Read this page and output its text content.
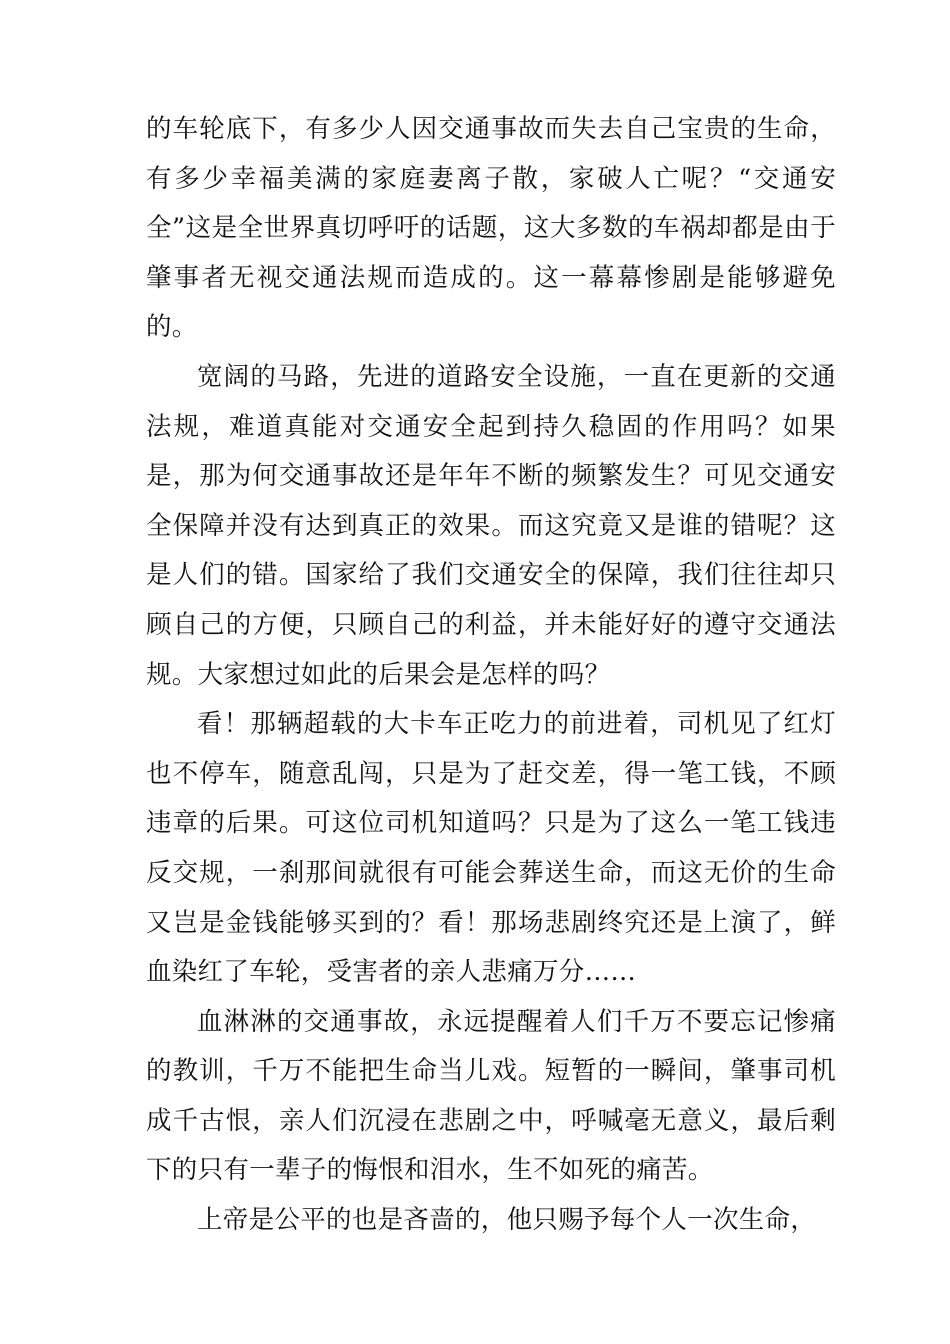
的车轮底下，有多少人因交通事故而失去自己宝贵的生命，有多少幸福美满的家庭妻离子散，家破人亡呢？“交通安全”这是全世界真切呼吁的话题，这大多数的车祸却都是由于肇事者无视交通法规而造成的。这一幕幕惨剧是能够避免的。

宽阔的马路，先进的道路安全设施，一直在更新的交通法规，难道真能对交通安全起到持久稳固的作用吗？如果是，那为何交通事故还是年年不断的频繁发生？可见交通安全保障并没有达到真正的效果。而这究竟又是谁的错呢？这是人们的错。国家给了我们交通安全的保障，我们往往却只顾自己的方便，只顾自己的利益，并未能好好的遵守交通法规。大家想过如此的后果会是怎样的吗？

看！那辆超载的大卡车正吃力的前进着，司机见了红灯也不停车，随意乱闯，只是为了赶交差，得一笔工钱，不顾违章的后果。可这位司机知道吗？只是为了这么一笔工钱违反交规，一刹那间就很有可能会葬送生命，而这无价的生命又岂是金钱能够买到的？看！那场悲剧终究还是上演了，鲜血染红了车轮，受害者的亲人悲痛万分……

血淋淋的交通事故，永远提醒着人们千万不要忘记惨痛的教训，千万不能把生命当儿戏。短暂的一瞬间，肇事司机成千古恨，亲人们沉浸在悲剧之中，呼喊毫无意义，最后剩下的只有一辈子的悔恨和泪水，生不如死的痛苦。

上帝是公平的也是吝啬的，他只赐予每个人一次生命，
